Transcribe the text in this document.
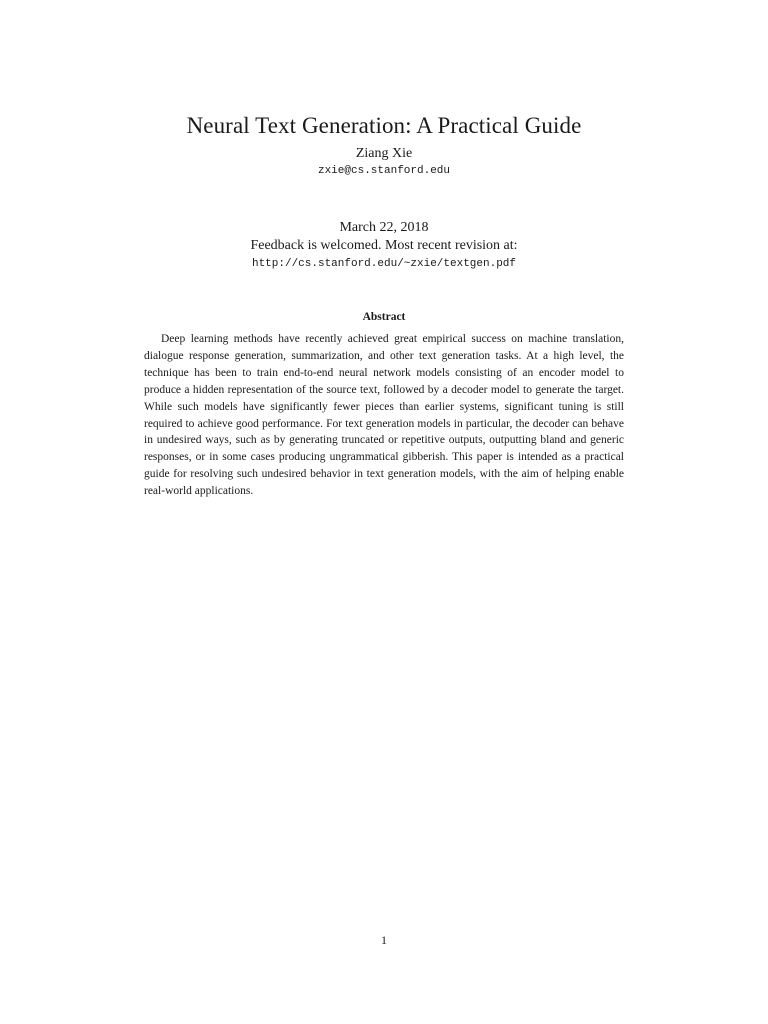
Neural Text Generation: A Practical Guide
Ziang Xie
zxie@cs.stanford.edu
March 22, 2018
Feedback is welcomed. Most recent revision at:
http://cs.stanford.edu/~zxie/textgen.pdf
Abstract

Deep learning methods have recently achieved great empirical success on machine translation, dialogue response generation, summarization, and other text generation tasks. At a high level, the technique has been to train end-to-end neural network models consisting of an encoder model to produce a hidden representation of the source text, followed by a decoder model to generate the target. While such models have significantly fewer pieces than earlier systems, significant tuning is still required to achieve good performance. For text generation models in particular, the decoder can behave in undesired ways, such as by generating truncated or repetitive outputs, outputting bland and generic responses, or in some cases producing ungrammatical gibberish. This paper is intended as a practical guide for resolving such undesired behavior in text generation models, with the aim of helping enable real-world applications.

1
